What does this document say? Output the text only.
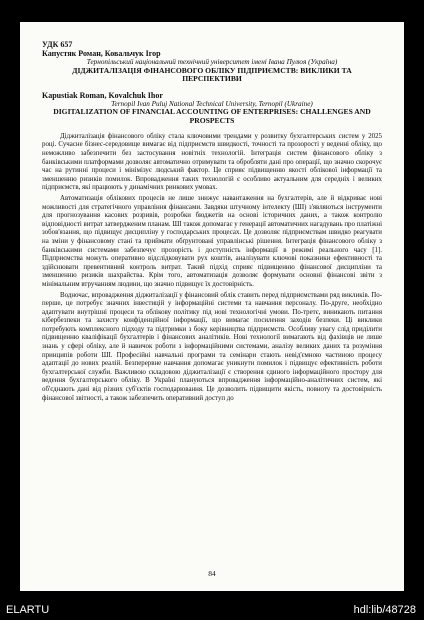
УДК 657
Капустяк Роман, Ковальчук Ігор
Тернопільський національний технічний університет імені Івана Пулюя (Україна)
ДІДЖИТАЛІЗАЦІЯ ФІНАНСОВОГО ОБЛІКУ ПІДПРИЄМСТВ: ВИКЛИКИ ТА ПЕРСПЕКТИВИ
Kapustiak Roman, Kovalchuk Ihor
Ternopil Ivan Puluj National Technical University, Ternopil (Ukraine)
DIGITALIZATION OF FINANCIAL ACCOUNTING OF ENTERPRISES: CHALLENGES AND PROSPECTS

Діджиталізація фінансового обліку стала ключовими трендами у розвитку бухгалтерських систем у 2025 році. Сучасне бізнес-середовище вимагає від підприємств швидкості, точності та прозорості у веденні обліку, що неможливо забезпечити без застосування новітніх технологій. Інтеграція систем фінансового обліку з банківськими платформами дозволяє автоматично отримувати та обробляти дані про операції, що значно скорочує час на рутинні процеси і мінімізує людський фактор. Це сприяє підвищенню якості облікової інформації та зменшенню ризиків помилок. Впровадження таких технологій є особливо актуальним для середніх і великих підприємств, які працюють у динамічних ринкових умовах.

Автоматизація облікових процесів не лише знижує навантаження на бухгалтерів, але й відкриває нові можливості для стратегічного управління фінансами. Завдяки штучному інтелекту (ШІ) з'являються інструменти для прогнозування касових розривів, розробки бюджетів на основі історичних даних, а також контролю відповідності витрат затвердженим планам. ШІ також допомагає у генерації автоматичних нагадувань про платіжні зобов'язання, що підвищує дисципліну у господарських процесах. Це дозволяє підприємствам швидко реагувати на зміни у фінансовому стані та приймати обґрунтовані управлінські рішення. Інтеграція фінансового обліку з банківськими системами забезпечує прозорість і доступність інформації в режимі реального часу [1]. Підприємства можуть оперативно відслідковувати рух коштів, аналізувати ключові показники ефективності та здійснювати превентивний контроль витрат. Такий підхід сприяє підвищенню фінансової дисципліни та зменшенню ризиків шахрайства. Крім того, автоматизація дозволяє формувати основні фінансові звіти з мінімальним втручанням людини, що значно підвищує їх достовірність.

Водночас, впровадження діджиталізації у фінансовий облік ставить перед підприємствами ряд викликів. По-перше, це потребує значних інвестицій у інформаційні системи та навчання персоналу. По-друге, необхідно адаптувати внутрішні процеси та облікову політику під нові технологічні умови. По-третє, виникають питання кібербезпеки та захисту конфіденційної інформації, що вимагає посилення заходів безпеки. Ці виклики потребують комплексного підходу та підтримки з боку керівництва підприємств. Особливу увагу слід приділити підвищенню кваліфікації бухгалтерів і фінансових аналітиків. Нові технології вимагають від фахівців не лише знань у сфері обліку, але й навичок роботи з інформаційними системами, аналізу великих даних та розуміння принципів роботи ШІ. Професійні навчальні програми та семінари стають невід'ємною частиною процесу адаптації до нових реалій. Безперервне навчання допомагає уникнути помилок і підвищує ефективність роботи бухгалтерської служби. Важливою складовою діджиталізації є створення єдиного інформаційного простору для ведення бухгалтерського обліку. В Україні плануються впровадження інформаційно-аналітичних систем, які об'єднають дані від різних суб'єктів господарювання. Це дозволить підвищити якість, повноту та достовірність фінансової звітності, а також забезпечить оперативний доступ до

84
ELARTU	hdl:lib/48728
